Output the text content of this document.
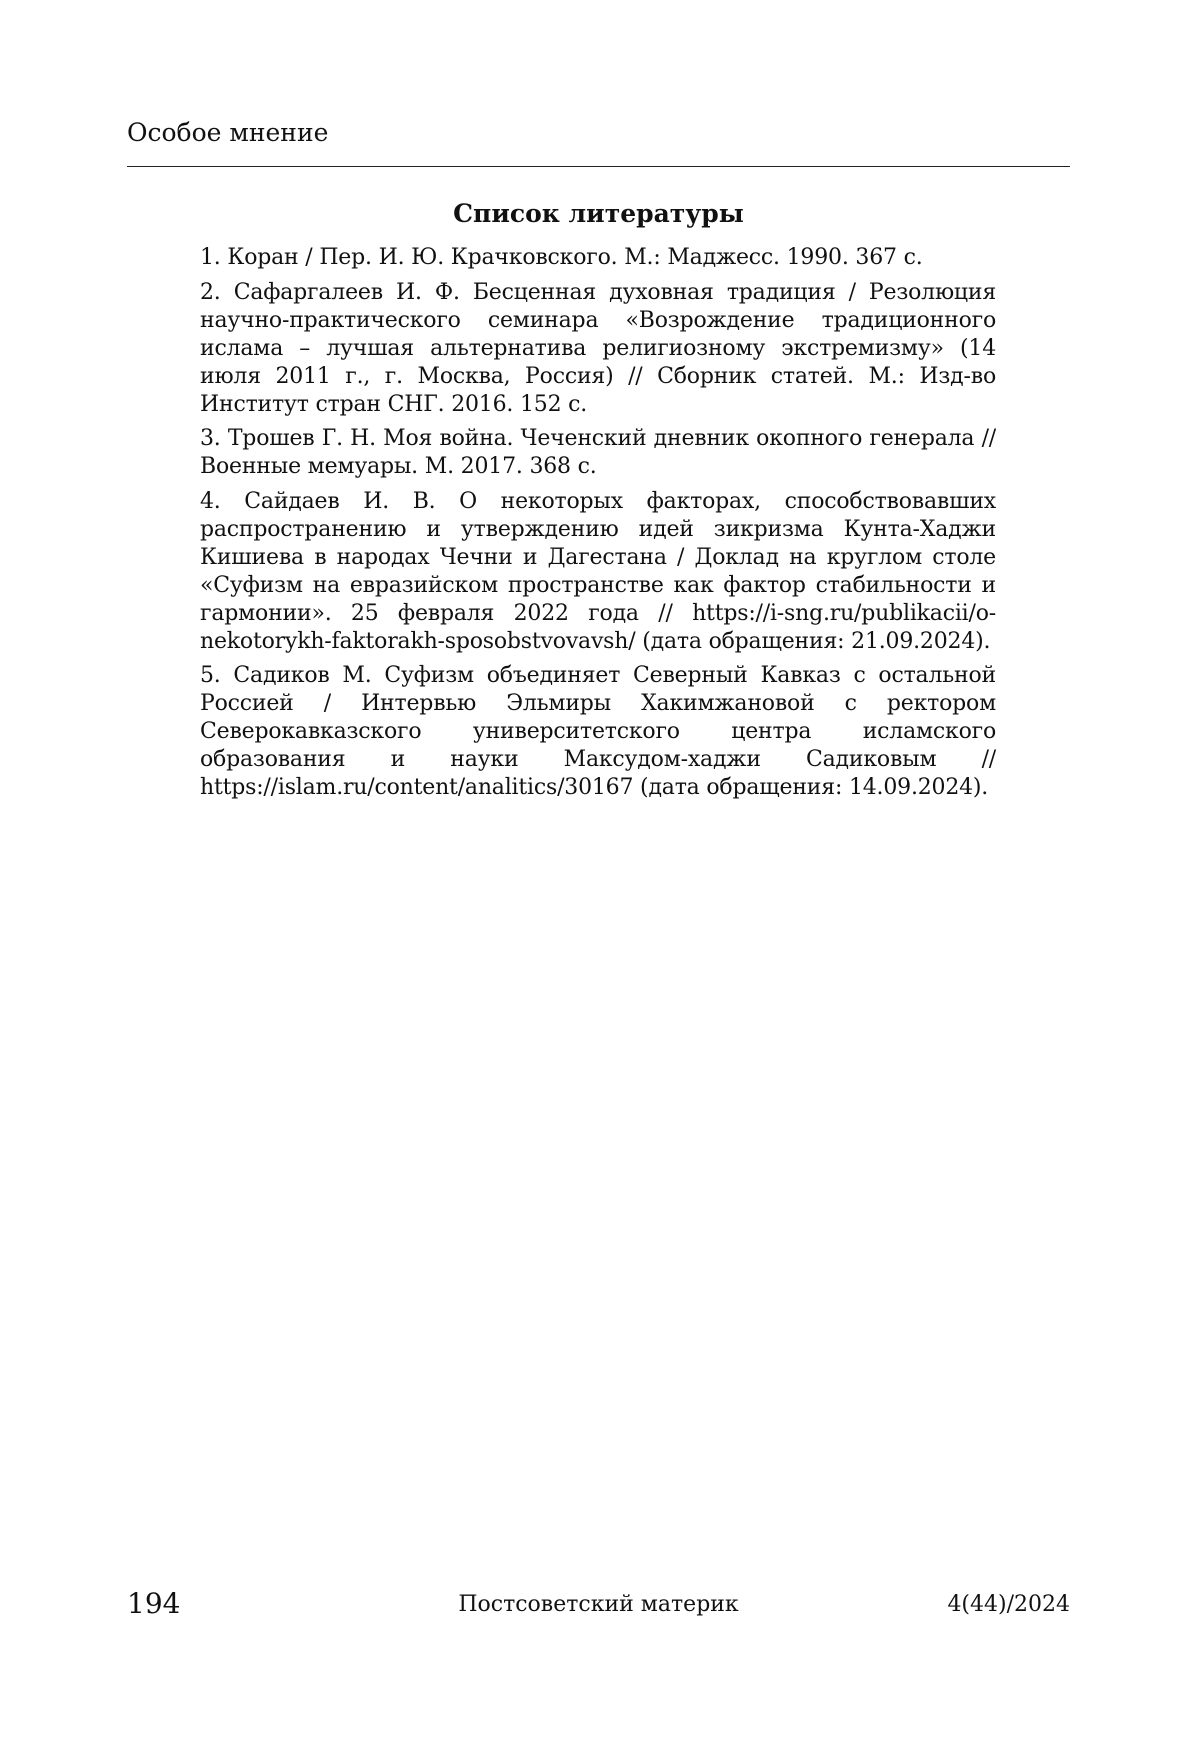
Особое мнение
Список литературы
1. Коран / Пер. И. Ю. Крачковского. М.: Маджесс. 1990. 367 с.
2. Сафаргалеев И. Ф. Бесценная духовная традиция / Резолюция научно-практического семинара «Возрождение традиционного ислама – лучшая альтернатива религиозному экстремизму» (14 июля 2011 г., г. Москва, Россия) // Сборник статей. М.: Изд-во Институт стран СНГ. 2016. 152 с.
3. Трошев Г. Н. Моя война. Чеченский дневник окопного генерала // Военные мемуары. М. 2017. 368 с.
4. Сайдаев И. В. О некоторых факторах, способствовавших распространению и утверждению идей зикризма Кунта-Хаджи Кишиева в народах Чечни и Дагестана / Доклад на круглом столе «Суфизм на евразийском пространстве как фактор стабильности и гармонии». 25 февраля 2022 года // https://i-sng.ru/publikacii/o-nekotorykh-faktorakh-sposobstvovavsh/ (дата обращения: 21.09.2024).
5. Садиков М. Суфизм объединяет Северный Кавказ с остальной Россией / Интервью Эльмиры Хакимжановой с ректором Северокавказского университетского центра исламского образования и науки Максудом-хаджи Садиковым // https://islam.ru/content/analitics/30167 (дата обращения: 14.09.2024).
194	Постсоветский материк	4(44)/2024
